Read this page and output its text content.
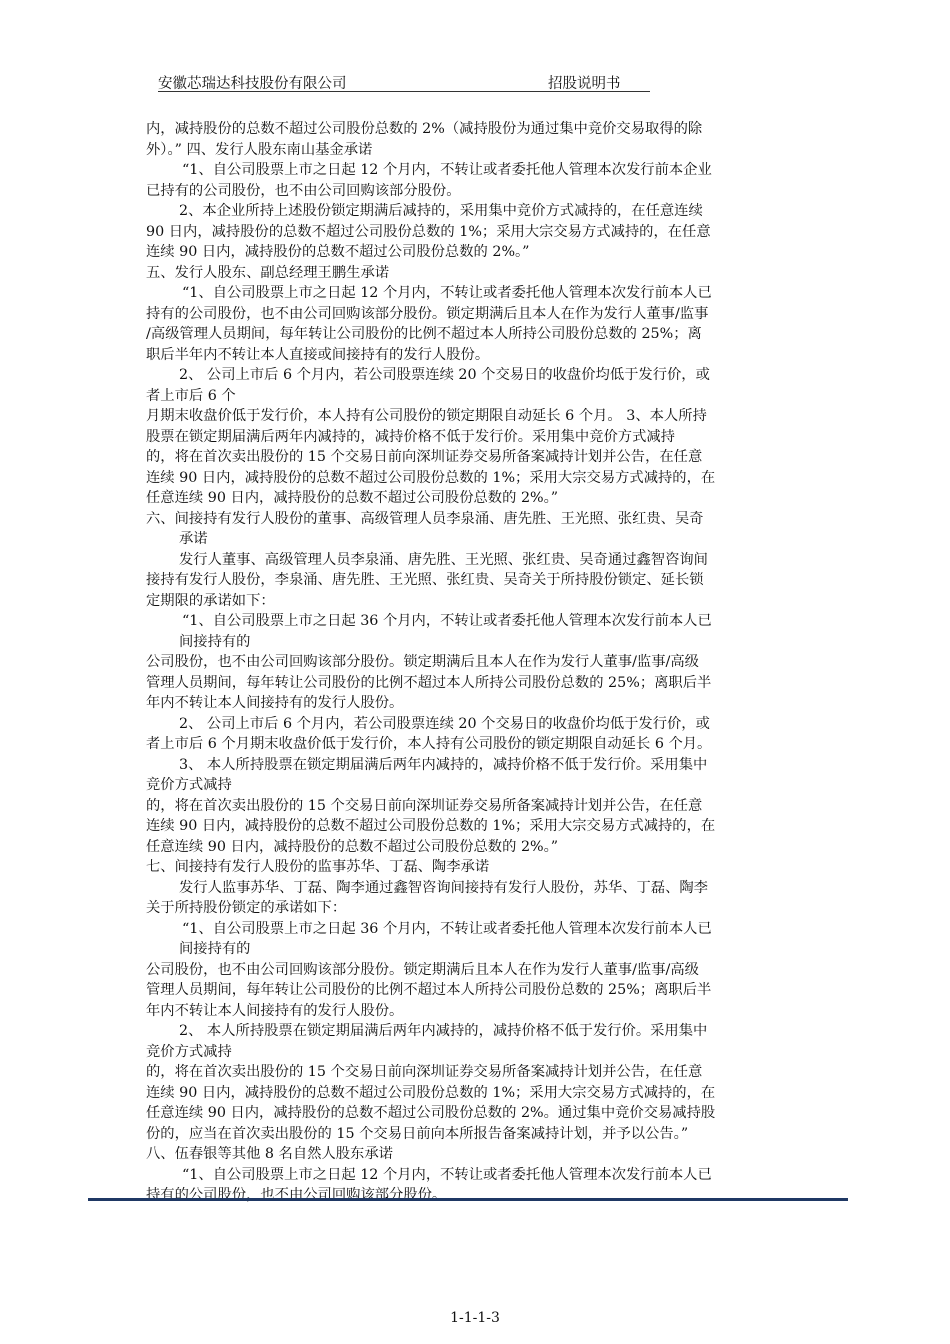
安徽芯瑞达科技股份有限公司	招股说明书
内，减持股份的总数不超过公司股份总数的 2%（减持股份为通过集中竞价交易取得的除
外）。” 四、发行人股东南山基金承诺
“1、自公司股票上市之日起 12 个月内，不转让或者委托他人管理本次发行前本企业
已持有的公司股份，也不由公司回购该部分股份。
2、本企业所持上述股份锁定期满后减持的，采用集中竞价方式减持的，在任意连续
90 日内，减持股份的总数不超过公司股份总数的 1%；采用大宗交易方式减持的，在任意
连续 90 日内，减持股份的总数不超过公司股份总数的 2%。”
五、发行人股东、副总经理王鹏生承诺
“1、自公司股票上市之日起 12 个月内，不转让或者委托他人管理本次发行前本人已
持有的公司股份，也不由公司回购该部分股份。锁定期满后且本人在作为发行人董事/监事
/高级管理人员期间，每年转让公司股份的比例不超过本人所持公司股份总数的 25%；离
职后半年内不转让本人直接或间接持有的发行人股份。
2、 公司上市后 6 个月内，若公司股票连续 20 个交易日的收盘价均低于发行价，或
者上市后 6 个
月期末收盘价低于发行价，本人持有公司股份的锁定期限自动延长 6 个月。 3、本人所持
股票在锁定期届满后两年内减持的，减持价格不低于发行价。采用集中竞价方式减持
的，将在首次卖出股份的 15 个交易日前向深圳证券交易所备案减持计划并公告，在任意
连续 90 日内，减持股份的总数不超过公司股份总数的 1%；采用大宗交易方式减持的，在
任意连续 90 日内，减持股份的总数不超过公司股份总数的 2%。”
六、间接持有发行人股份的董事、高级管理人员李泉涌、唐先胜、王光照、张红贵、吴奇
承诺
发行人董事、高级管理人员李泉涌、唐先胜、王光照、张红贵、吴奇通过鑫智咨询间
接持有发行人股份，李泉涌、唐先胜、王光照、张红贵、吴奇关于所持股份锁定、延长锁
定期限的承诺如下：
“1、自公司股票上市之日起 36 个月内，不转让或者委托他人管理本次发行前本人已
间接持有的
公司股份，也不由公司回购该部分股份。锁定期满后且本人在作为发行人董事/监事/高级
管理人员期间，每年转让公司股份的比例不超过本人所持公司股份总数的 25%；离职后半
年内不转让本人间接持有的发行人股份。
2、 公司上市后 6 个月内，若公司股票连续 20 个交易日的收盘价均低于发行价，或
者上市后 6 个月期末收盘价低于发行价，本人持有公司股份的锁定期限自动延长 6 个月。
3、 本人所持股票在锁定期届满后两年内减持的，减持价格不低于发行价。采用集中
竞价方式减持
的，将在首次卖出股份的 15 个交易日前向深圳证券交易所备案减持计划并公告，在任意
连续 90 日内，减持股份的总数不超过公司股份总数的 1%；采用大宗交易方式减持的，在
任意连续 90 日内，减持股份的总数不超过公司股份总数的 2%。”
七、间接持有发行人股份的监事苏华、丁磊、陶李承诺
发行人监事苏华、丁磊、陶李通过鑫智咨询间接持有发行人股份，苏华、丁磊、陶李
关于所持股份锁定的承诺如下：
“1、自公司股票上市之日起 36 个月内，不转让或者委托他人管理本次发行前本人已
间接持有的
公司股份，也不由公司回购该部分股份。锁定期满后且本人在作为发行人董事/监事/高级
管理人员期间，每年转让公司股份的比例不超过本人所持公司股份总数的 25%；离职后半
年内不转让本人间接持有的发行人股份。
2、 本人所持股票在锁定期届满后两年内减持的，减持价格不低于发行价。采用集中
竞价方式减持
的，将在首次卖出股份的 15 个交易日前向深圳证券交易所备案减持计划并公告，在任意
连续 90 日内，减持股份的总数不超过公司股份总数的 1%；采用大宗交易方式减持的，在
任意连续 90 日内，减持股份的总数不超过公司股份总数的 2%。通过集中竞价交易减持股
份的，应当在首次卖出股份的 15 个交易日前向本所报告备案减持计划，并予以公告。”
八、伍春银等其他 8 名自然人股东承诺
“1、自公司股票上市之日起 12 个月内，不转让或者委托他人管理本次发行前本人已
持有的公司股份，也不由公司回购该部分股份。
1-1-1-3
